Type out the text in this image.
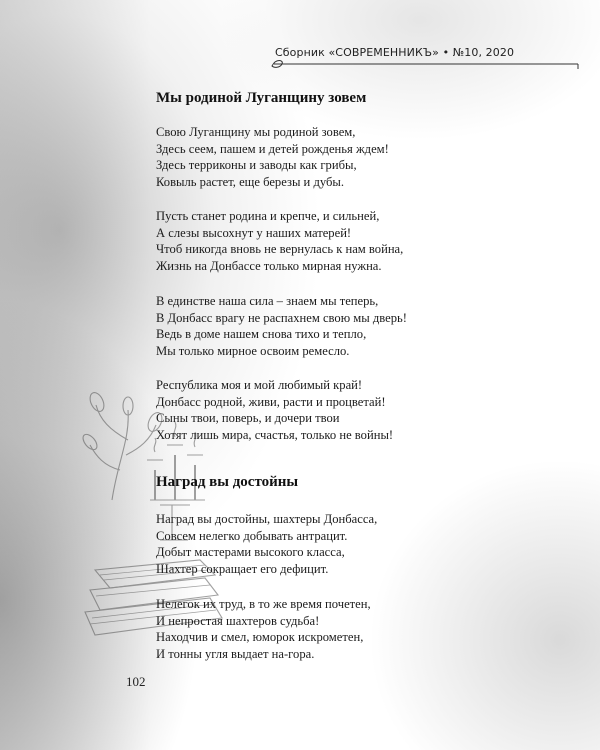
Сборник «СОВРЕМЕННИКЪ» • №10, 2020
Мы родиной Луганщину зовем
Свою Луганщину мы родиной зовем,
Здесь сеем, пашем и детей рожденья ждем!
Здесь терриконы и заводы как грибы,
Ковыль растет, еще березы и дубы.
Пусть станет родина и крепче, и сильней,
А слезы высохнут у наших матерей!
Чтоб никогда вновь не вернулась к нам война,
Жизнь на Донбассе только мирная нужна.
В единстве наша сила – знаем мы теперь,
В Донбасс врагу не распахнем свою мы дверь!
Ведь в доме нашем снова тихо и тепло,
Мы только мирное освоим ремесло.
Республика моя и мой любимый край!
Донбасс родной, живи, расти и процветай!
Сыны твои, поверь, и дочери твои
Хотят лишь мира, счастья, только не войны!
Наград вы достойны
Наград вы достойны, шахтеры Донбасса,
Совсем нелегко добывать антрацит.
Добыт мастерами высокого класса,
Шахтер сокращает его дефицит.
Нелегок их труд, в то же время почетен,
И непростая шахтеров судьба!
Находчив и смел, юморок искрометен,
И тонны угля выдает на-гора.
102
